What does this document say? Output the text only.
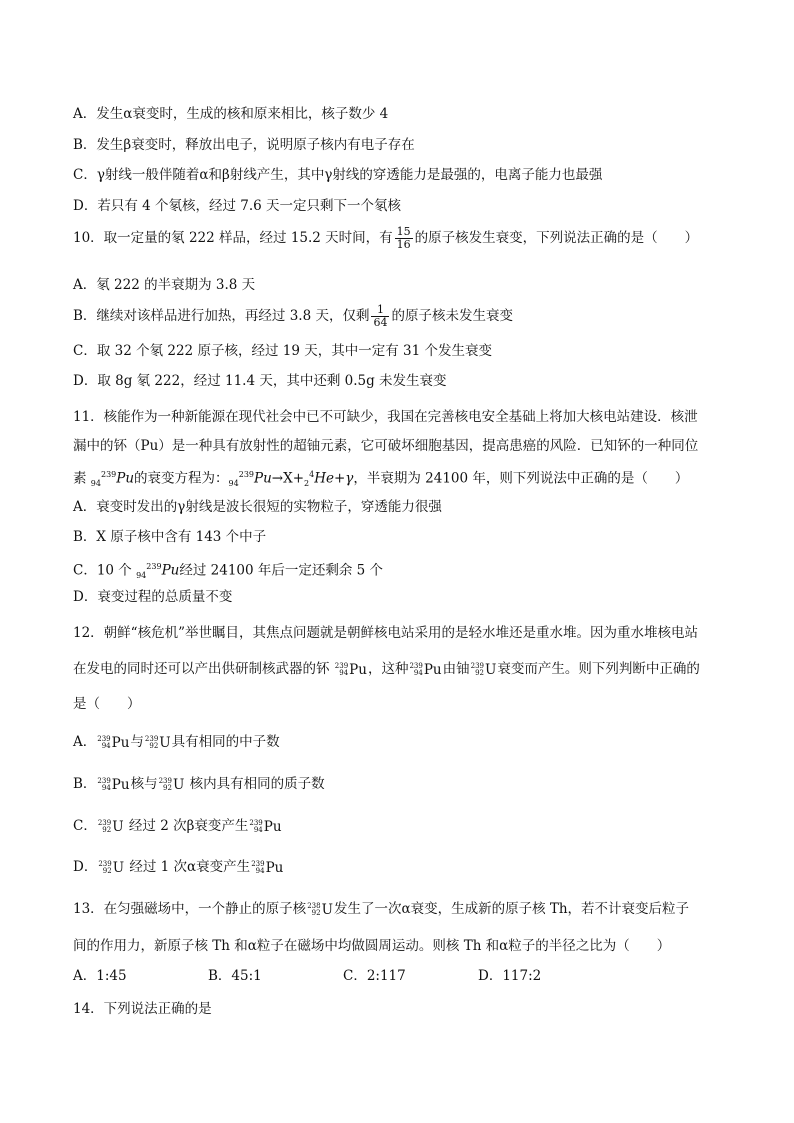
A．发生α衰变时，生成的核和原来相比，核子数少 4
B．发生β衰变时，释放出电子，说明原子核内有电子存在
C．γ射线一般伴随着α和β射线产生，其中γ射线的穿透能力是最强的，电离子能力也最强
D．若只有 4 个氡核，经过 7.6 天一定只剩下一个氡核
10．取一定量的氡 222 样品，经过 15.2 天时间，有 $\frac{15}{16}$ 的原子核发生衰变，下列说法正确的是（　　）
A．氡 222 的半衰期为 3.8 天
B．继续对该样品进行加热，再经过 3.8 天，仅剩 $\frac{1}{64}$ 的原子核未发生衰变
C．取 32 个氡 222 原子核，经过 19 天，其中一定有 31 个发生衰变
D．取 8g 氡 222，经过 11.4 天，其中还剩 0.5g 未发生衰变
11．核能作为一种新能源在现代社会中已不可缺少，我国在完善核电安全基础上将加大核电站建设．核泄
漏中的钚（Pu）是一种具有放射性的超铀元素，它可破坏细胞基因，提高患癌的风险．已知钚的一种同位
素 $_{94}^{239}$Pu的衰变方程为：$_{94}^{239}Pu\to X+_2^4He+\gamma$，半衰期为 24100 年，则下列说法中正确的是（　　）
A．衰变时发出的γ射线是波长很短的实物粒子，穿透能力很强
B．X 原子核中含有 143 个中子
C．10 个 $_{94}^{239}$Pu经过 24100 年后一定还剩余 5 个
D．衰变过程的总质量不变
12．朝鲜“核危机”举世瞩目，其焦点问题就是朝鲜核电站采用的是轻水堆还是重水堆。因为重水堆核电站
在发电的同时还可以产出供研制核武器的钚 239
94 Pu ，这种 239
94 Pu 由铀 239
92 U 衰变而产生。则下列判断中正确的
是（　　）
A． 239
94 Pu 与 239
92 U 具有相同的中子数
B． 239
94 Pu 核与 239
92 U 核内具有相同的质子数
C． 239
92 U 经过 2 次β衰变产生 239
94 Pu
D． 239
92 U 经过 1 次α衰变产生 239
94 Pu
13．在匀强磁场中，一个静止的原子核 238
92 U 发生了一次α衰变，生成新的原子核 Th，若不计衰变后粒子
间的作用力，新原子核 Th 和α粒子在磁场中均做圆周运动。则核 Th 和α粒子的半径之比为（　　）
A．1:45	B．45:1	C．2:117	D．117:2
14．下列说法正确的是
